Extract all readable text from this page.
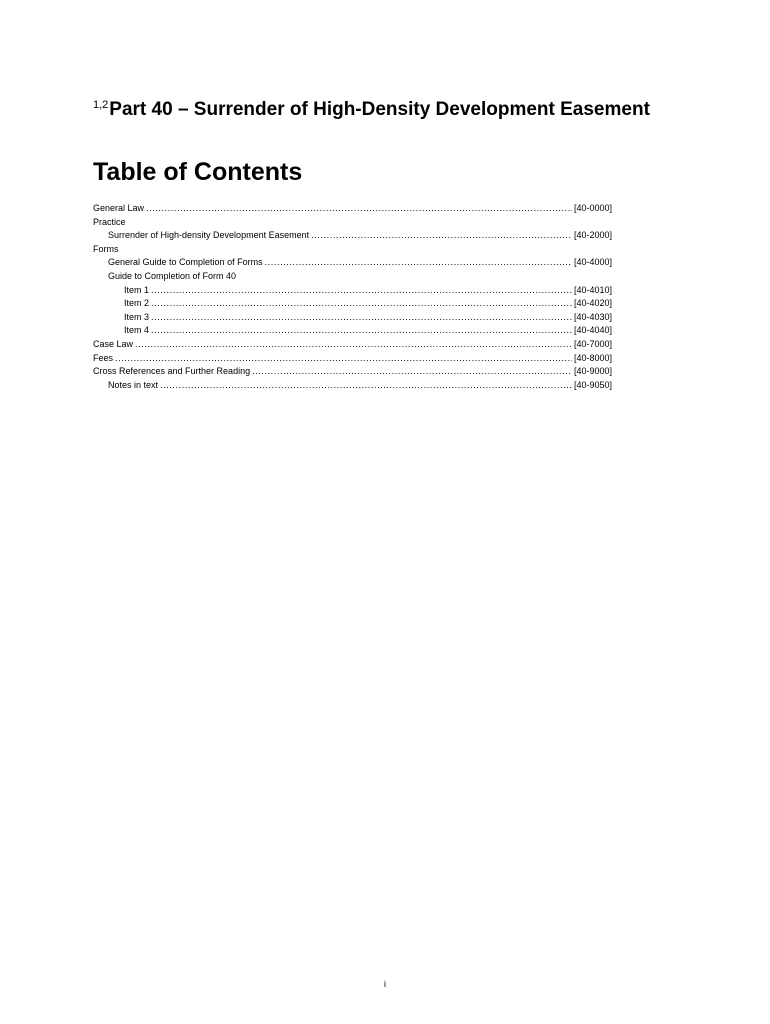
$^{1,2}$Part 40 – Surrender of High-Density Development Easement
Table of Contents
General Law .....	[40-0000]
Practice
Surrender of High-density Development Easement .....	[40-2000]
Forms
General Guide to Completion of Forms .....	[40-4000]
Guide to Completion of Form 40
Item 1 .....	[40-4010]
Item 2 .....	[40-4020]
Item 3 .....	[40-4030]
Item 4 .....	[40-4040]
Case Law .....	[40-7000]
Fees .....	[40-8000]
Cross References and Further Reading .....	[40-9000]
Notes in text .....	[40-9050]
i
